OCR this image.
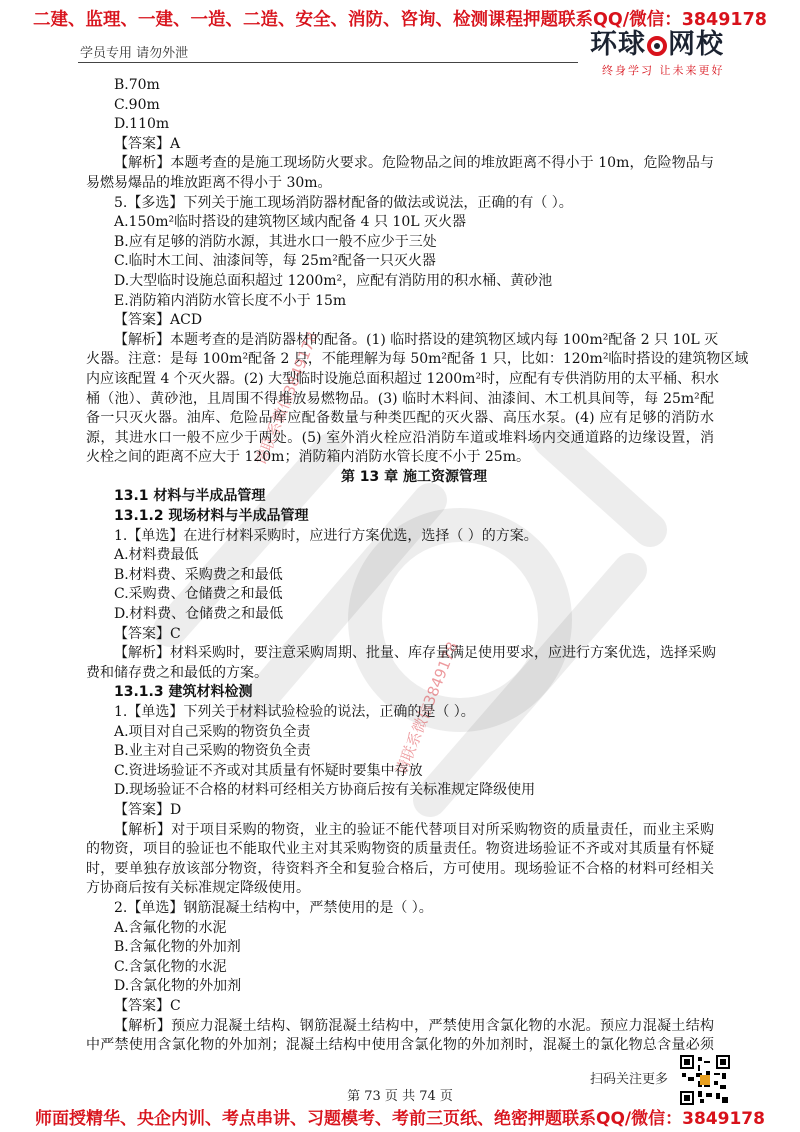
二建、监理、一建、一造、二造、安全、消防、咨询、检测课程押题联系QQ/微信：3849178
学员专用 请勿外泄	环球 网校
终身学习 让未来更好
请联系微信3849178
请联系微信3849178
B.70m
C.90m
D.110m
【答案】A
【解析】本题考查的是施工现场防火要求。危险物品之间的堆放距离不得小于 10m，危险物品与
易燃易爆品的堆放距离不得小于 30m。
5.【多选】下列关于施工现场消防器材配备的做法或说法，正确的有（ ）。
A.150m²临时搭设的建筑物区域内配备 4 只 10L 灭火器
B.应有足够的消防水源，其进水口一般不应少于三处
C.临时木工间、油漆间等，每 25m²配备一只灭火器
D.大型临时设施总面积超过 1200m²，应配有消防用的积水桶、黄砂池
E.消防箱内消防水管长度不小于 15m
【答案】ACD
【解析】本题考查的是消防器材的配备。(1) 临时搭设的建筑物区域内每 100m²配备 2 只 10L 灭
火器。注意：是每 100m²配备 2 只，不能理解为每 50m²配备 1 只，比如：120m²临时搭设的建筑物区域
内应该配置 4 个灭火器。(2) 大型临时设施总面积超过 1200m²时，应配有专供消防用的太平桶、积水
桶（池）、黄砂池，且周围不得堆放易燃物品。(3) 临时木料间、油漆间、木工机具间等，每 25m²配
备一只灭火器。油库、危险品库应配备数量与种类匹配的灭火器、高压水泵。(4) 应有足够的消防水
源，其进水口一般不应少于两处。(5) 室外消火栓应沿消防车道或堆料场内交通道路的边缘设置，消
火栓之间的距离不应大于 120m；消防箱内消防水管长度不小于 25m。
第 13 章 施工资源管理
13.1 材料与半成品管理
13.1.2 现场材料与半成品管理
1.【单选】在进行材料采购时，应进行方案优选，选择（ ）的方案。
A.材料费最低
B.材料费、采购费之和最低
C.采购费、仓储费之和最低
D.材料费、仓储费之和最低
【答案】C
【解析】材料采购时，要注意采购周期、批量、库存量满足使用要求，应进行方案优选，选择采购
费和储存费之和最低的方案。
13.1.3 建筑材料检测
1.【单选】下列关于材料试验检验的说法，正确的是（ ）。
A.项目对自己采购的物资负全责
B.业主对自己采购的物资负全责
C.资进场验证不齐或对其质量有怀疑时要集中存放
D.现场验证不合格的材料可经相关方协商后按有关标准规定降级使用
【答案】D
【解析】对于项目采购的物资，业主的验证不能代替项目对所采购物资的质量责任，而业主采购
的物资，项目的验证也不能取代业主对其采购物资的质量责任。物资进场验证不齐或对其质量有怀疑
时，要单独存放该部分物资，待资料齐全和复验合格后，方可使用。现场验证不合格的材料可经相关
方协商后按有关标准规定降级使用。
2.【单选】钢筋混凝土结构中，严禁使用的是（ ）。
A.含氟化物的水泥
B.含氟化物的外加剂
C.含氯化物的水泥
D.含氯化物的外加剂
【答案】C
【解析】预应力混凝土结构、钢筋混凝土结构中，严禁使用含氯化物的水泥。预应力混凝土结构
中严禁使用含氯化物的外加剂；混凝土结构中使用含氯化物的外加剂时，混凝土的氯化物总含量必须
扫码关注更多
第 73 页 共 74 页
师面授精华、央企内训、考点串讲、习题模考、考前三页纸、绝密押题联系QQ/微信：3849178
